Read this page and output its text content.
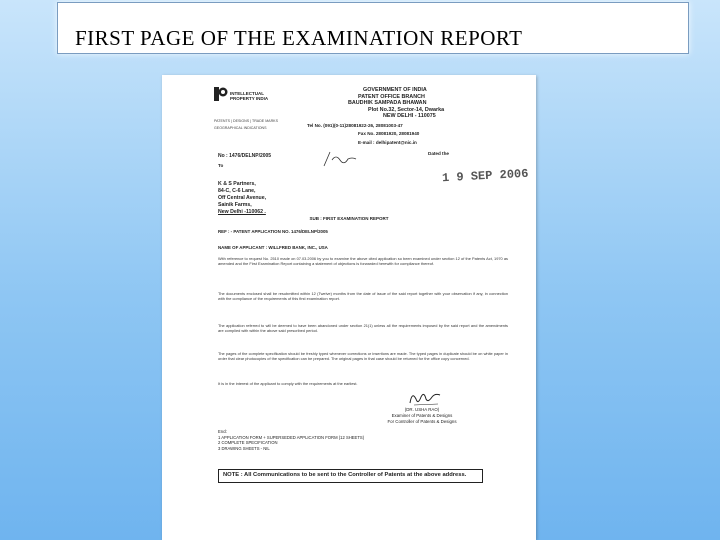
FIRST PAGE OF THE EXAMINATION REPORT
INTELLECTUAL
PROPERTY INDIA
PATENTS | DESIGNS | TRADE MARKS
GEOGRAPHICAL INDICATIONS
GOVERNMENT OF INDIA
PATENT OFFICE BRANCH
BAUDHIK SAMPADA BHAWAN
Plot No.32, Sector-14, Dwarka
NEW DELHI - 110075
Tel No. (091)(0-11)28081922-26, 28081003-47
Fax No. 28081920, 28081940
E-mail : delhipatent@nic.in
Dated the
No : 1476/DELNP/2005
To
K & S Partners,
84-C, C-6 Lane,
Off Central Avenue,
Sainik Farms,
New Delhi -110062 .
1 9 SEP 2006
SUB : FIRST EXAMINATION REPORT
REF : - PATENT APPLICATION NO. 1476/DELNP/2005
NAME OF APPLICANT : WILLFRED BANK, INC., USA
With reference to request No. 2510 made on 07.03.2006 by you to examine the above cited application so been examined under section 12 of the Patents Act, 1970 as amended and the First Examination Report containing a statement of objections is forwarded herewith for compliance thereof.
The documents enclosed shall be resubmitted within 12 (Twelve) months from the date of issue of the said report together with your observation if any, in connection with the compliance of the requirements of this first examination report.
The application referred to will be deemed to have been abandoned under section 21(1) unless all the requirements imposed by the said report and the amendments are complied with within the above said prescribed period.
The pages of the complete specification should be freshly typed whenever corrections or insertions are made. The typed pages in duplicate should be on white paper in order that clear photocopies of the specification can be prepared. The original pages in that case should be returned for the office copy concerned.
It is in the interest of the applicant to comply with the requirements at the earliest.
(DR. USHA RAO)
Examiner of Patents & Designs
For Controller of Patents & Designs
Encl:
1 APPLICATION FORM + SUPERSEDED APPLICATION FORM (12 SHEETS)
2 COMPLETE SPECIFICATION
3 DRAWING SHEETS - NIL
NOTE : All Communications to be sent to the Controller of Patents at the above address.
